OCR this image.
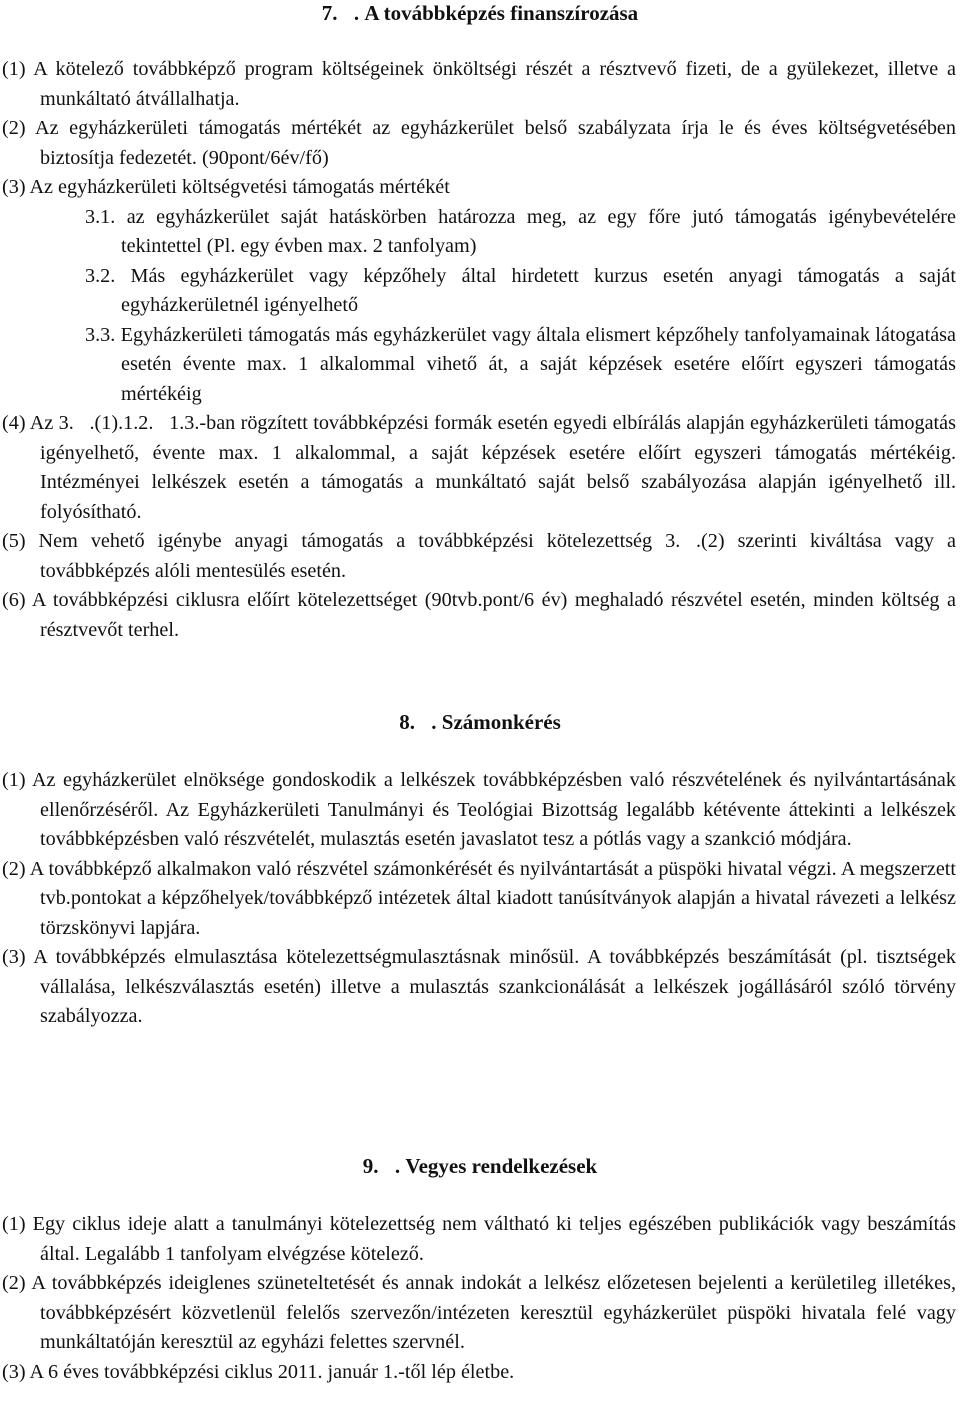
7. . A továbbképzés finanszírozása

(1) A kötelező továbbképző program költségeinek önköltségi részét a résztvevő fizeti, de a gyülekezet, illetve a munkáltató átvállalhatja.

(2) Az egyházkerületi támogatás mértékét az egyházkerület belső szabályzata írja le és éves költségvetésében biztosítja fedezetét. (90pont/6év/fő)

(3) Az egyházkerületi költségvetési támogatás mértékét

3.1. az egyházkerület saját hatáskörben határozza meg, az egy főre jutó támogatás igénybevételére tekintettel (Pl. egy évben max. 2 tanfolyam)

3.2. Más egyházkerület vagy képzőhely által hirdetett kurzus esetén anyagi támogatás a saját egyházkerületnél igényelhető

3.3. Egyházkerületi támogatás más egyházkerület vagy általa elismert képzőhely tanfolyamainak látogatása esetén évente max. 1 alkalommal vihető át, a saját képzések esetére előírt egyszeri támogatás mértékéig

(4) Az 3. .(1).1.2. 1.3.-ban rögzített továbbképzési formák esetén egyedi elbírálás alapján egyházkerületi támogatás igényelhető, évente max. 1 alkalommal, a saját képzések esetére előírt egyszeri támogatás mértékéig. Intézményei lelkészek esetén a támogatás a munkáltató saját belső szabályozása alapján igényelhető ill. folyósítható.

(5) Nem vehető igénybe anyagi támogatás a továbbképzési kötelezettség 3. .(2) szerinti kiváltása vagy a továbbképzés alóli mentesülés esetén.

(6) A továbbképzési ciklusra előírt kötelezettséget (90tvb.pont/6 év) meghaladó részvétel esetén, minden költség a résztvevőt terhel.

8. . Számonkérés

(1) Az egyházkerület elnöksége gondoskodik a lelkészek továbbképzésben való részvételének és nyilvántartásának ellenőrzéséről. Az Egyházkerületi Tanulmányi és Teológiai Bizottság legalább kétévente áttekinti a lelkészek továbbképzésben való részvételét, mulasztás esetén javaslatot tesz a pótlás vagy a szankció módjára.

(2) A továbbképző alkalmakon való részvétel számonkérését és nyilvántartását a püspöki hivatal végzi. A megszerzett tvb.pontokat a képzőhelyek/továbbképző intézetek által kiadott tanúsítványok alapján a hivatal rávezeti a lelkész törzskönyvi lapjára.

(3) A továbbképzés elmulasztása kötelezettségmulasztásnak minősül. A továbbképzés beszámítását (pl. tisztségek vállalása, lelkészválasztás esetén) illetve a mulasztás szankcionálását a lelkészek jogállásáról szóló törvény szabályozza.

9. . Vegyes rendelkezések

(1) Egy ciklus ideje alatt a tanulmányi kötelezettség nem váltható ki teljes egészében publikációk vagy beszámítás által. Legalább 1 tanfolyam elvégzése kötelező.

(2) A továbbképzés ideiglenes szüneteltetését és annak indokát a lelkész előzetesen bejelenti a kerületileg illetékes, továbbképzésért közvetlenül felelős szervezőn/intézeten keresztül egyházkerület püspöki hivatala felé vagy munkáltatóján keresztül az egyházi felettes szervnél.

(3) A 6 éves továbbképzési ciklus 2011. január 1.-től lép életbe.
